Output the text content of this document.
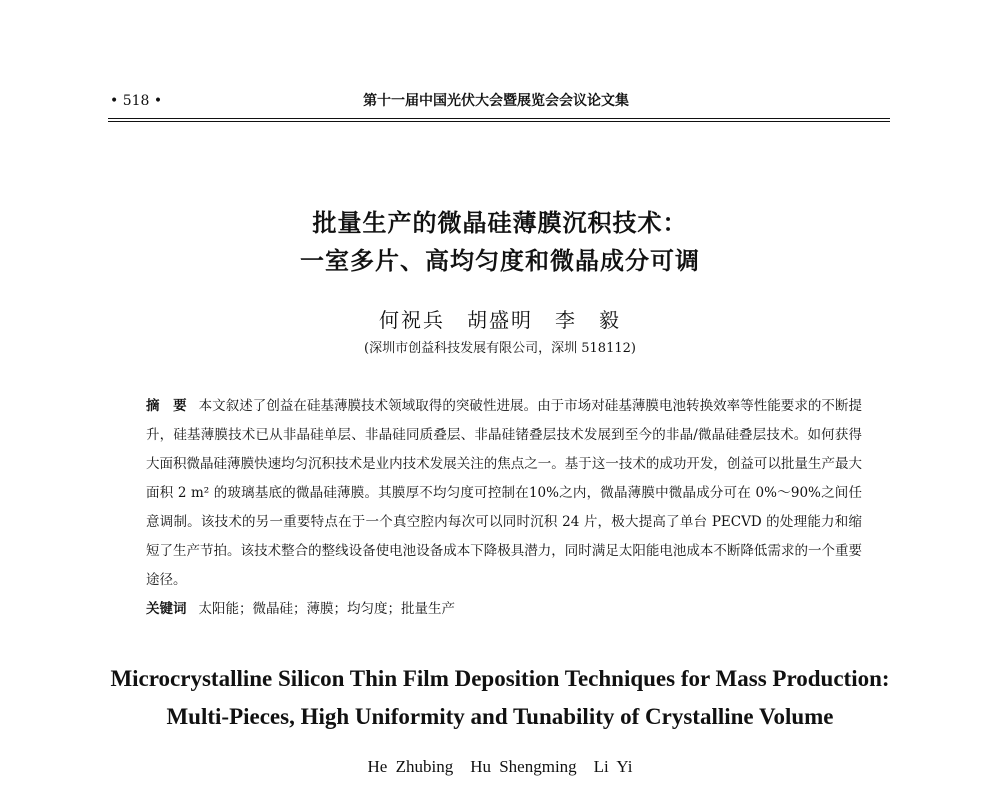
• 518 •	第十一届中国光伏大会暨展览会会议论文集
批量生产的微晶硅薄膜沉积技术：
一室多片、高均匀度和微晶成分可调
何祝兵　胡盛明　李　毅
(深圳市创益科技发展有限公司，深圳 518112)
摘　要 本文叙述了创益在硅基薄膜技术领域取得的突破性进展。由于市场对硅基薄膜电池转换效率等性能要求的不断提升，硅基薄膜技术已从非晶硅单层、非晶硅同质叠层、非晶硅锗叠层技术发展到至今的非晶/微晶硅叠层技术。如何获得大面积微晶硅薄膜快速均匀沉积技术是业内技术发展关注的焦点之一。基于这一技术的成功开发，创益可以批量生产最大面积 2 m² 的玻璃基底的微晶硅薄膜。其膜厚不均匀度可控制在10%之内，微晶薄膜中微晶成分可在 0%～90%之间任意调制。该技术的另一重要特点在于一个真空腔内每次可以同时沉积 24 片，极大提高了单台 PECVD 的处理能力和缩短了生产节拍。该技术整合的整线设备使电池设备成本下降极具潜力，同时满足太阳能电池成本不断降低需求的一个重要途径。
关键词 太阳能；微晶硅；薄膜；均匀度；批量生产
Microcrystalline Silicon Thin Film Deposition Techniques for Mass Production:
Multi-Pieces, High Uniformity and Tunability of Crystalline Volume
He Zhubing　Hu Shengming　Li Yi
